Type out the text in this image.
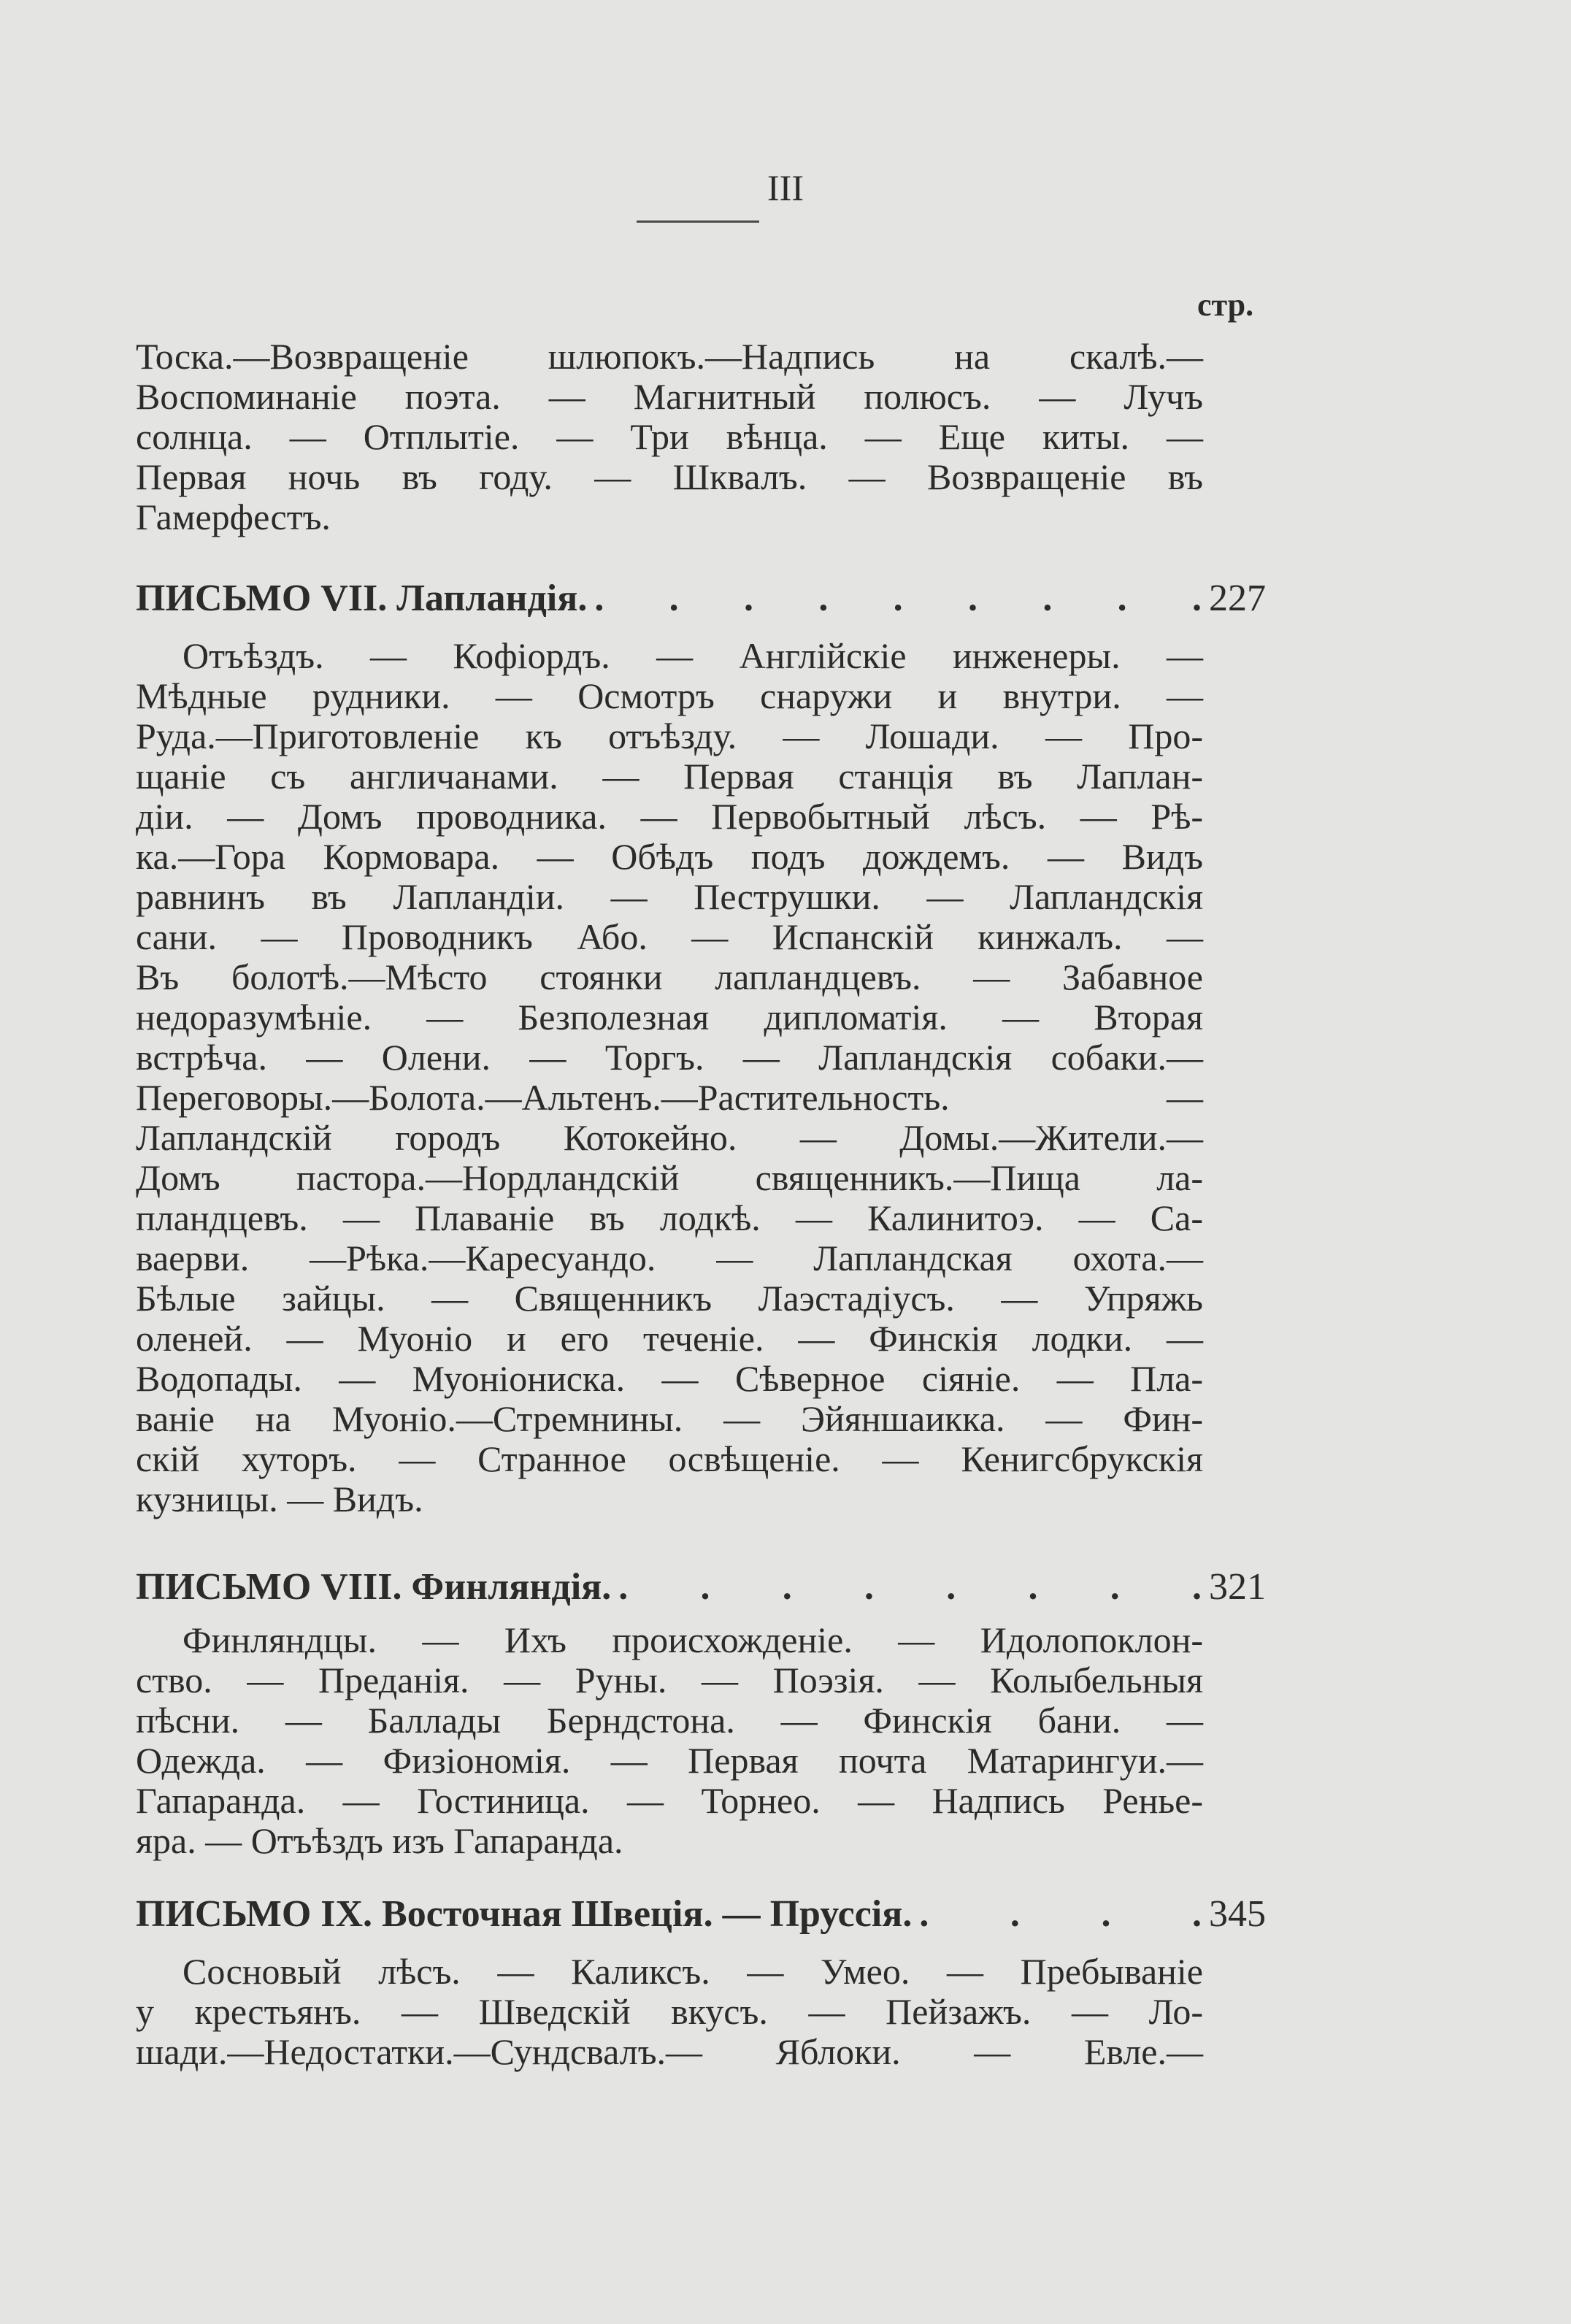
III
стр.
Тоска.—Возвращеніе шлюпокъ.—Надпись на скалѣ.—
Воспоминаніе поэта. — Магнитный полюсъ. — Лучъ
солнца. — Отплытіе. — Три вѣнца. — Еще киты. —
Первая ночь въ году. — Шквалъ. — Возвращеніе въ
Гамерфестъ.
ПИСЬМО VII. Лапландія. . . . . . . . . . 227
Отъѣздъ. — Кофіордъ. — Англійскіе инженеры. —
Мѣдные рудники. — Осмотръ снаружи и внутри. —
Руда.—Приготовленіе къ отъѣзду. — Лошади. — Про-
щаніе съ англичанами. — Первая станція въ Лаплан-
діи. — Домъ проводника. — Первобытный лѣсъ. — Рѣ-
ка.—Гора Кормовара. — Обѣдъ подъ дождемъ. — Видъ
равнинъ въ Лапландіи. — Пеструшки. — Лапландскія
сани. — Проводникъ Або. — Испанскій кинжалъ. —
Въ болотѣ.—Мѣсто стоянки лапландцевъ. — Забавное
недоразумѣніе. — Безполезная дипломатія. — Вторая
встрѣча. — Олени. — Торгъ. — Лапландскія собаки.—
Переговоры.—Болота.—Альтенъ.—Растительность. —
Лапландскій городъ Котокейно. — Домы.—Жители.—
Домъ пастора.—Нордландскій священникъ.—Пища ла-
пландцевъ. — Плаваніе въ лодкѣ. — Калинитоэ. — Са-
ваерви. —Рѣка.—Каресуандо. — Лапландская охота.—
Бѣлые зайцы. — Священникъ Лаэстадіусъ. — Упряжь
оленей. — Муоніо и его теченіе. — Финскія лодки. —
Водопады. — Муоніониска. — Сѣверное сіяніе. — Пла-
ваніе на Муоніо.—Стремнины. — Эйяншаикка. — Фин-
скій хуторъ. — Странное освѣщеніе. — Кенигсбрукскія
кузницы. — Видъ.
ПИСЬМО VIII. Финляндія. . . . . . . . . 321
Финляндцы. — Ихъ происхожденіе. — Идолопоклон-
ство. — Преданія. — Руны. — Поэзія. — Колыбельныя
пѣсни. — Баллады Берндстона. — Финскія бани. —
Одежда. — Физіономія. — Первая почта Матарингуи.—
Гапаранда. — Гостиница. — Торнео. — Надпись Ренье-
яра. — Отъѣздъ изъ Гапаранда.
ПИСЬМО IX. Восточная Швеція. — Пруссія. . . . . 345
Сосновый лѣсъ. — Каликсъ. — Умео. — Пребываніе
у крестьянъ. — Шведскій вкусъ. — Пейзажъ. — Ло-
шади.—Недостатки.—Сундсвалъ.— Яблоки. — Евле.—
